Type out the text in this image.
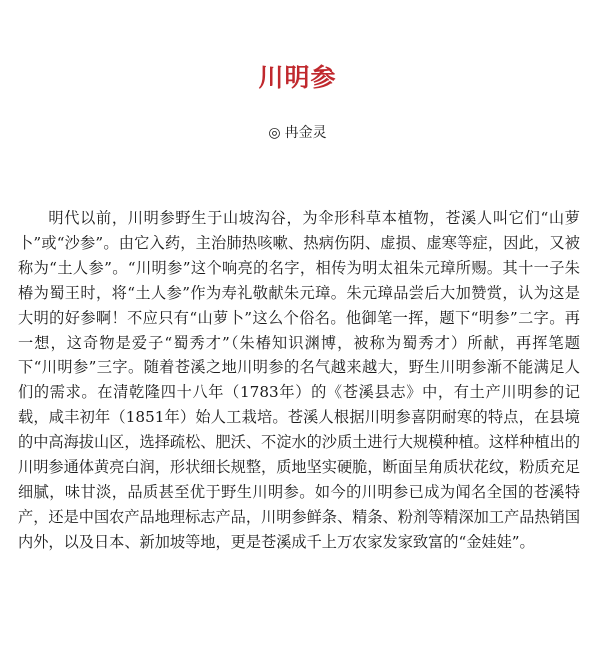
川明参
◎ 冉金灵

明代以前，川明参野生于山坡沟谷，为伞形科草本植物，苍溪人叫它们“山萝卜”或“沙参”。由它入药，主治肺热咳嗽、热病伤阴、虚损、虚寒等症，因此，又被称为“土人参”。“川明参”这个响亮的名字，相传为明太祖朱元璋所赐。其十一子朱椿为蜀王时，将“土人参”作为寿礼敬献朱元璋。朱元璋品尝后大加赞赏，认为这是大明的好参啊！不应只有“山萝卜”这么个俗名。他御笔一挥，题下“明参”二字。再一想，这奇物是爱子“蜀秀才”（朱椿知识渊博，被称为蜀秀才）所献，再挥笔题下“川明参”三字。随着苍溪之地川明参的名气越来越大，野生川明参渐不能满足人们的需求。在清乾隆四十八年（1783年）的《苍溪县志》中，有土产川明参的记载，咸丰初年（1851年）始人工栽培。苍溪人根据川明参喜阴耐寒的特点，在县境的中高海拔山区，选择疏松、肥沃、不淀水的沙质土进行大规模种植。这样种植出的川明参通体黄亮白润，形状细长规整，质地坚实硬脆，断面呈角质状花纹，粉质充足细腻，味甘淡，品质甚至优于野生川明参。如今的川明参已成为闻名全国的苍溪特产，还是中国农产品地理标志产品，川明参鲜条、精条、粉剂等精深加工产品热销国内外，以及日本、新加坡等地，更是苍溪成千上万农家发家致富的“金娃娃”。
